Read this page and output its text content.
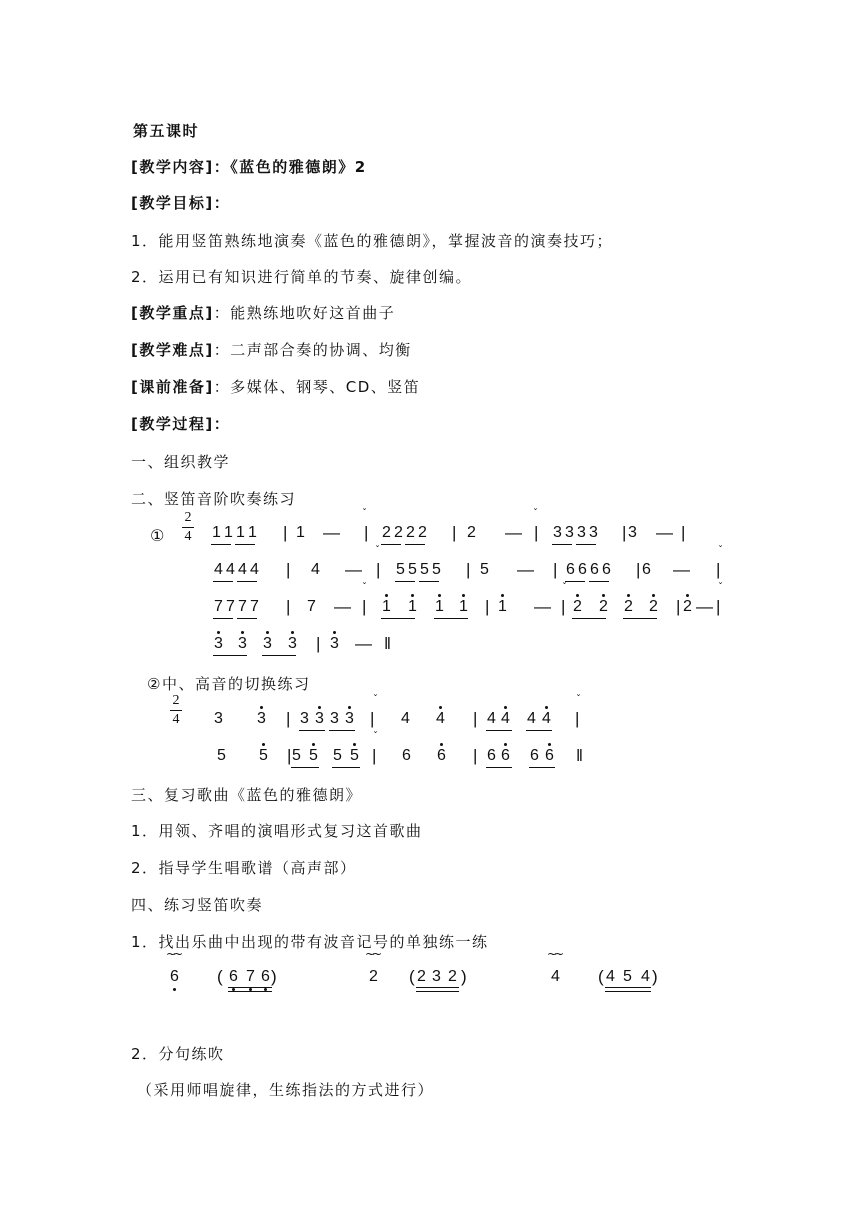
第五课时
[教学内容]：《蓝色的雅德朗》2
[教学目标]：
1．能用竖笛熟练地演奏《蓝色的雅德朗》，掌握波音的演奏技巧；
2．运用已有知识进行简单的节奏、旋律创编。
[教学重点]：能熟练地吹好这首曲子
[教学难点]：二声部合奏的协调、均衡
[课前准备]：多媒体、钢琴、CD、竖笛
[教学过程]：
一、组织教学
二、竖笛音阶吹奏练习
①
2
4 1 1 1 1 | 1 — |
ˇ
2 2 2 2 | 2 — |
ˇ
3 3 3 3 | 3 — |
4 4 4 4 | 4 — |
ˇ
5 5 5 5 | 5 — | 6 6 6 6 | 6 — |
ˇ
7 7 7 7 | 7 — |
ˇ
1 1 1 1 | 1 — |
ˇ
2 2 2 2 | 2 — |
ˇ
3 3 3 3 | 3 — ‖
②中、高音的切换练习
2
4 3 3 | 3 3 3 3 |
ˇ
4 4 | 4 4 4 4 |
ˇ
5 5 | 5 5 5 5 |
ˇ
6 6 | 6 6 6 6 ‖
三、复习歌曲《蓝色的雅德朗》
1．用领、齐唱的演唱形式复习这首歌曲
2．指导学生唱歌谱（高声部）
四、练习竖笛吹奏
1．找出乐曲中出现的带有波音记号的单独练一练
~~
6 ( 6 7 6 )
~~
2 ( 2 3 2 )
~~
4 ( 4 5 4 )
2．分句练吹
（采用师唱旋律，生练指法的方式进行）
